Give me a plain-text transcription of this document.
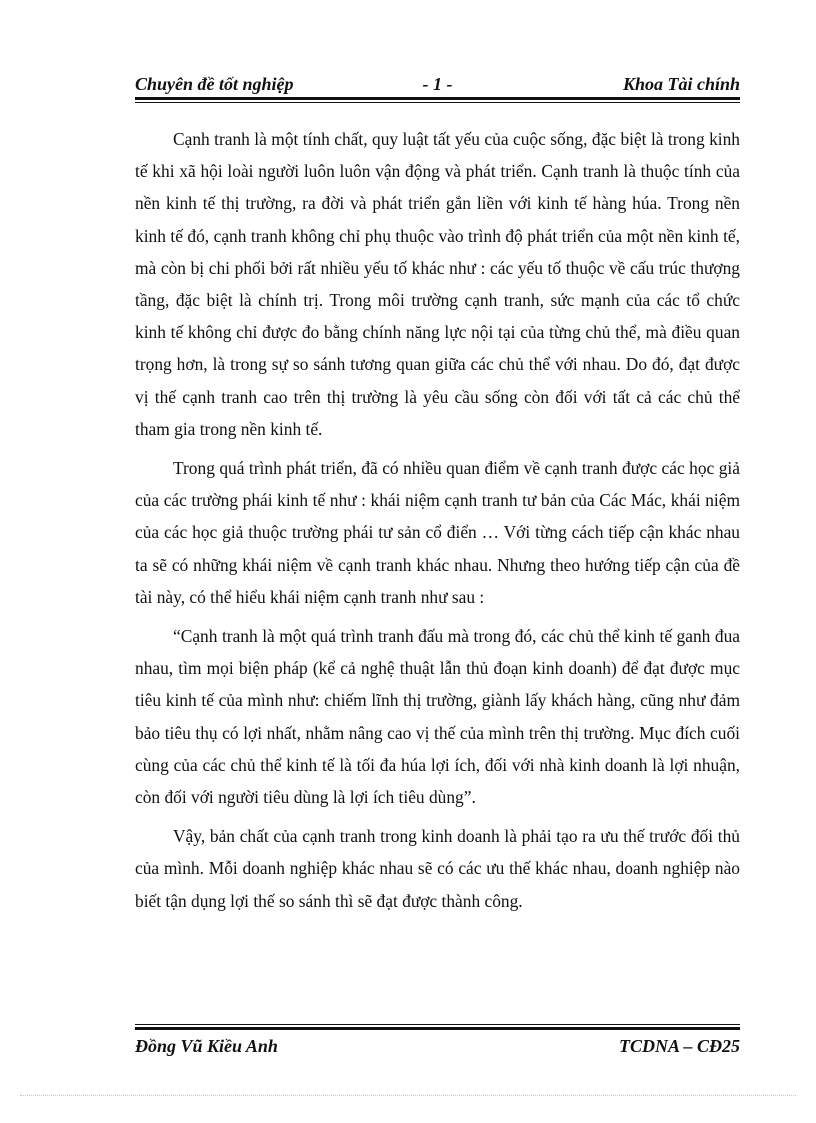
Chuyên đề tốt nghiệp	- 1 -	Khoa Tài chính

Cạnh tranh là một tính chất, quy luật tất yếu của cuộc sống, đặc biệt là trong kinh tế khi xã hội loài người luôn luôn vận động và phát triển. Cạnh tranh là thuộc tính của nền kinh tế thị trường, ra đời và phát triển gắn liền với kinh tế hàng húa. Trong nền kinh tế đó, cạnh tranh không chỉ phụ thuộc vào trình độ phát triển của một nền kinh tế, mà còn bị chi phối bởi rất nhiều yếu tố khác như : các yếu tố thuộc về cấu trúc thượng tầng, đặc biệt là chính trị. Trong môi trường cạnh tranh, sức mạnh của các tổ chức kinh tế không chỉ được đo bằng chính năng lực nội tại của từng chủ thể, mà điều quan trọng hơn, là trong sự so sánh tương quan giữa các chủ thể với nhau. Do đó, đạt được vị thế cạnh tranh cao trên thị trường là yêu cầu sống còn đối với tất cả các chủ thể tham gia trong nền kinh tế.

Trong quá trình phát triển, đã có nhiều quan điểm về cạnh tranh được các học giả của các trường phái kinh tế như : khái niệm cạnh tranh tư bản của Các Mác, khái niệm của các học giả thuộc trường phái tư sản cổ điển … Với từng cách tiếp cận khác nhau ta sẽ có những khái niệm về cạnh tranh khác nhau. Nhưng theo hướng tiếp cận của đề tài này, có thể hiểu khái niệm cạnh tranh như sau :

“Cạnh tranh là một quá trình tranh đấu mà trong đó, các chủ thể kinh tế ganh đua nhau, tìm mọi biện pháp (kể cả nghệ thuật lẫn thủ đoạn kinh doanh) để đạt được mục tiêu kinh tế của mình như: chiếm lĩnh thị trường, giành lấy khách hàng, cũng như đảm bảo tiêu thụ có lợi nhất, nhằm nâng cao vị thế của mình trên thị trường. Mục đích cuối cùng của các chủ thể kinh tế là tối đa húa lợi ích, đối với nhà kinh doanh là lợi nhuận, còn đối với người tiêu dùng là lợi ích tiêu dùng”.

Vậy, bản chất của cạnh tranh trong kinh doanh là phải tạo ra ưu thế trước đối thủ của mình. Mỗi doanh nghiệp khác nhau sẽ có các ưu thế khác nhau, doanh nghiệp nào biết tận dụng lợi thế so sánh thì sẽ đạt được thành công.

Đồng Vũ Kiều Anh	TCDNA – CĐ25
